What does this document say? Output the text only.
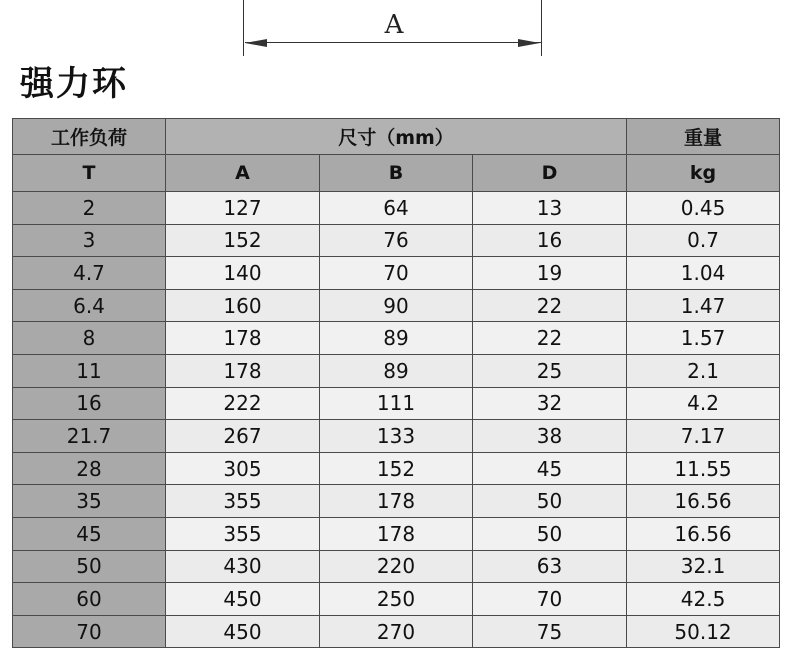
A
强力环
工作负荷	尺寸（mm）			重量
T	A	B	D	kg
2	127	64	13	0.45
3	152	76	16	0.7
4.7	140	70	19	1.04
6.4	160	90	22	1.47
8	178	89	22	1.57
11	178	89	25	2.1
16	222	111	32	4.2
21.7	267	133	38	7.17
28	305	152	45	11.55
35	355	178	50	16.56
45	355	178	50	16.56
50	430	220	63	32.1
60	450	250	70	42.5
70	450	270	75	50.12
